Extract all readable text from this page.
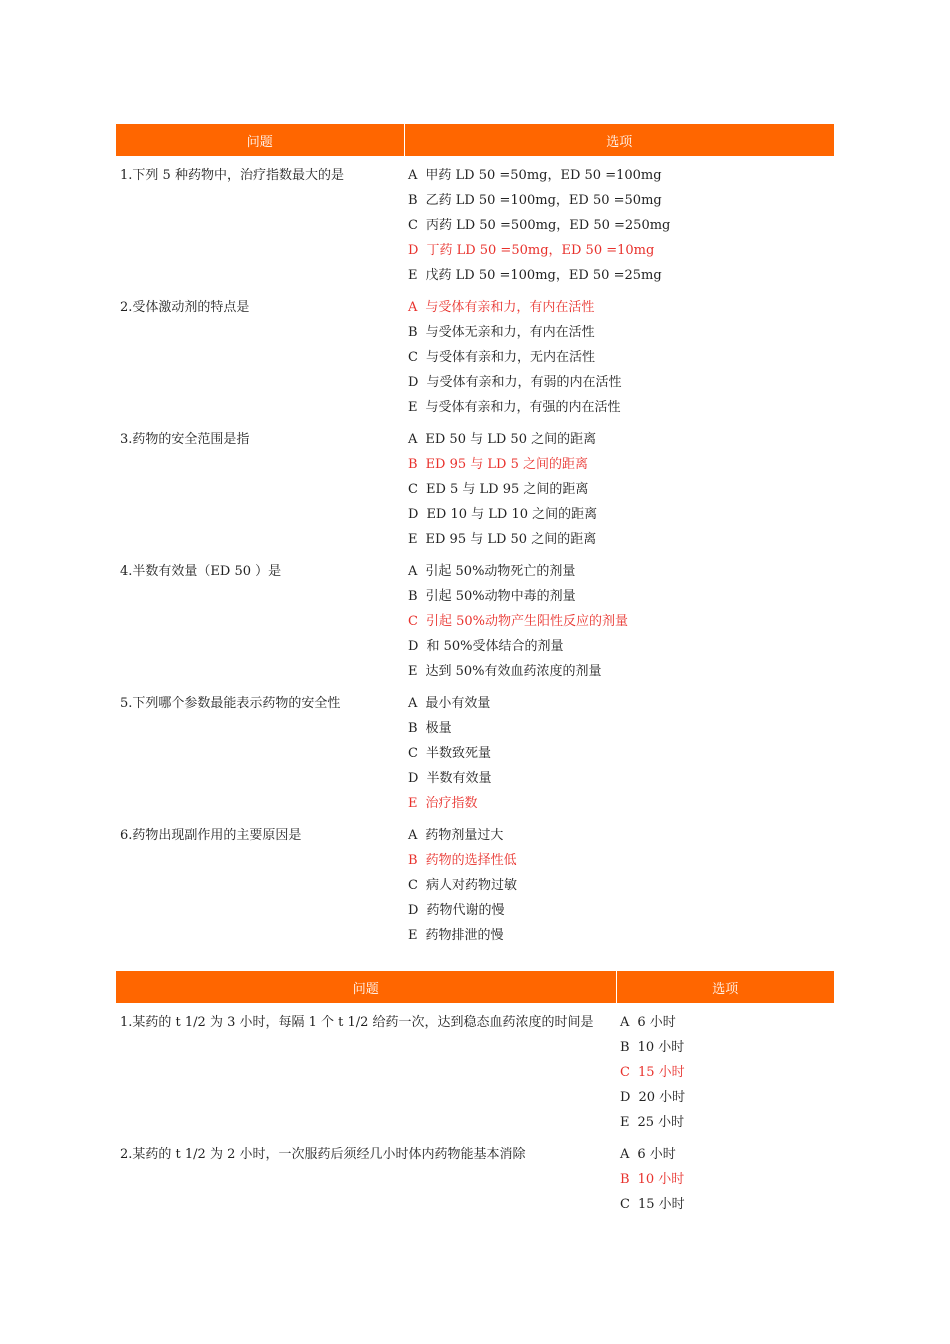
问题	选项
1.下列 5 种药物中，治疗指数最大的是	A 甲药 LD 50 =50mg，ED 50 =100mg
B 乙药 LD 50 =100mg，ED 50 =50mg
C 丙药 LD 50 =500mg，ED 50 =250mg
D 丁药 LD 50 =50mg，ED 50 =10mg
E 戊药 LD 50 =100mg，ED 50 =25mg

2.受体激动剂的特点是	A 与受体有亲和力，有内在活性
B 与受体无亲和力，有内在活性
C 与受体有亲和力，无内在活性
D 与受体有亲和力，有弱的内在活性
E 与受体有亲和力，有强的内在活性

3.药物的安全范围是指	A ED 50 与 LD 50 之间的距离
B ED 95 与 LD 5 之间的距离
C ED 5 与 LD 95 之间的距离
D ED 10 与 LD 10 之间的距离
E ED 95 与 LD 50 之间的距离

4.半数有效量（ED 50 ）是	A 引起 50%动物死亡的剂量
B 引起 50%动物中毒的剂量
C 引起 50%动物产生阳性反应的剂量
D 和 50%受体结合的剂量
E 达到 50%有效血药浓度的剂量

5.下列哪个参数最能表示药物的安全性	A 最小有效量
B 极量
C 半数致死量
D 半数有效量
E 治疗指数

6.药物出现副作用的主要原因是	A 药物剂量过大
B 药物的选择性低
C 病人对药物过敏
D 药物代谢的慢
E 药物排泄的慢
问题	选项
1.某药的 t 1/2 为 3 小时，每隔 1 个 t 1/2 给药一次，达到稳态血药浓度的时间是	A 6 小时
B 10 小时
C 15 小时
D 20 小时
E 25 小时

2.某药的 t 1/2 为 2 小时，一次服药后须经几小时体内药物能基本消除	A 6 小时
B 10 小时
C 15 小时
